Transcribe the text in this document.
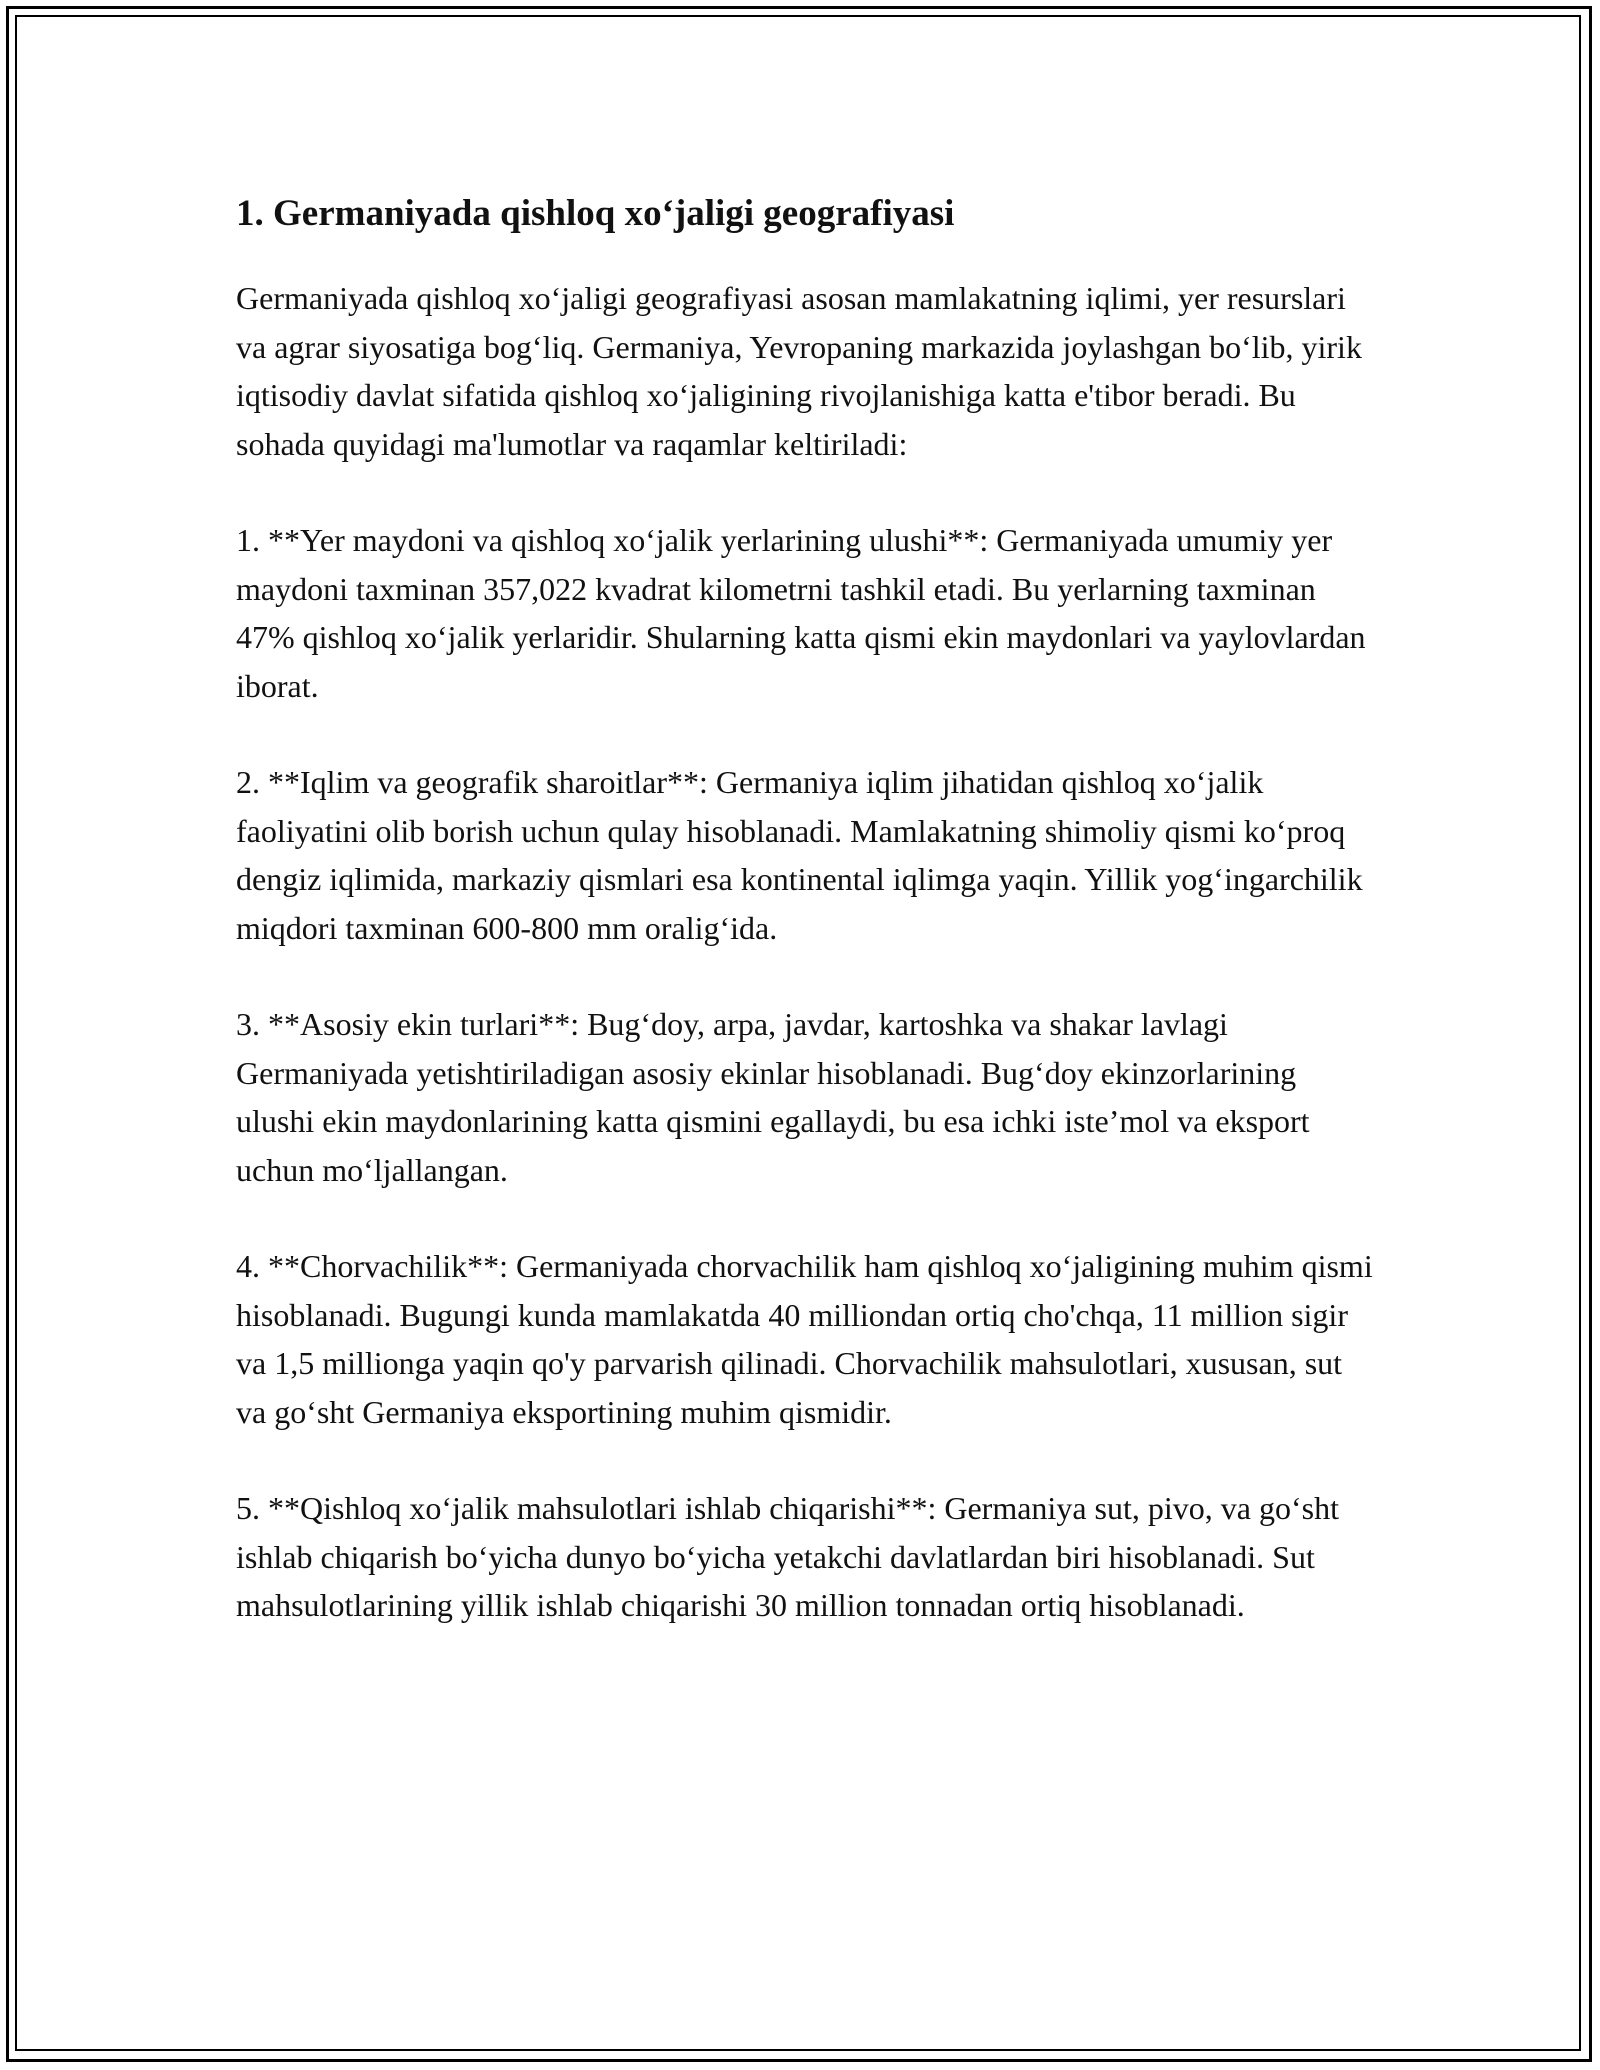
1. Germaniyada qishloq xo‘jaligi geografiyasi

Germaniyada qishloq xo‘jaligi geografiyasi asosan mamlakatning iqlimi, yer resurslari va agrar siyosatiga bog‘liq. Germaniya, Yevropaning markazida joylashgan bo‘lib, yirik iqtisodiy davlat sifatida qishloq xo‘jaligining rivojlanishiga katta e'tibor beradi. Bu sohada quyidagi ma'lumotlar va raqamlar keltiriladi:

1. **Yer maydoni va qishloq xo‘jalik yerlarining ulushi**: Germaniyada umumiy yer maydoni taxminan 357,022 kvadrat kilometrni tashkil etadi. Bu yerlarning taxminan 47% qishloq xo‘jalik yerlaridir. Shularning katta qismi ekin maydonlari va yaylovlardan iborat.

2. **Iqlim va geografik sharoitlar**: Germaniya iqlim jihatidan qishloq xo‘jalik faoliyatini olib borish uchun qulay hisoblanadi. Mamlakatning shimoliy qismi ko‘proq dengiz iqlimida, markaziy qismlari esa kontinental iqlimga yaqin. Yillik yog‘ingarchilik miqdori taxminan 600-800 mm oralig‘ida.

3. **Asosiy ekin turlari**: Bug‘doy, arpa, javdar, kartoshka va shakar lavlagi Germaniyada yetishtiriladigan asosiy ekinlar hisoblanadi. Bug‘doy ekinzorlarining ulushi ekin maydonlarining katta qismini egallaydi, bu esa ichki iste’mol va eksport uchun mo‘ljallangan.

4. **Chorvachilik**: Germaniyada chorvachilik ham qishloq xo‘jaligining muhim qismi hisoblanadi. Bugungi kunda mamlakatda 40 milliondan ortiq cho'chqa, 11 million sigir va 1,5 millionga yaqin qo'y parvarish qilinadi. Chorvachilik mahsulotlari, xususan, sut va go‘sht Germaniya eksportining muhim qismidir.

5. **Qishloq xo‘jalik mahsulotlari ishlab chiqarishi**: Germaniya sut, pivo, va go‘sht ishlab chiqarish bo‘yicha dunyo bo‘yicha yetakchi davlatlardan biri hisoblanadi. Sut mahsulotlarining yillik ishlab chiqarishi 30 million tonnadan ortiq hisoblanadi.
